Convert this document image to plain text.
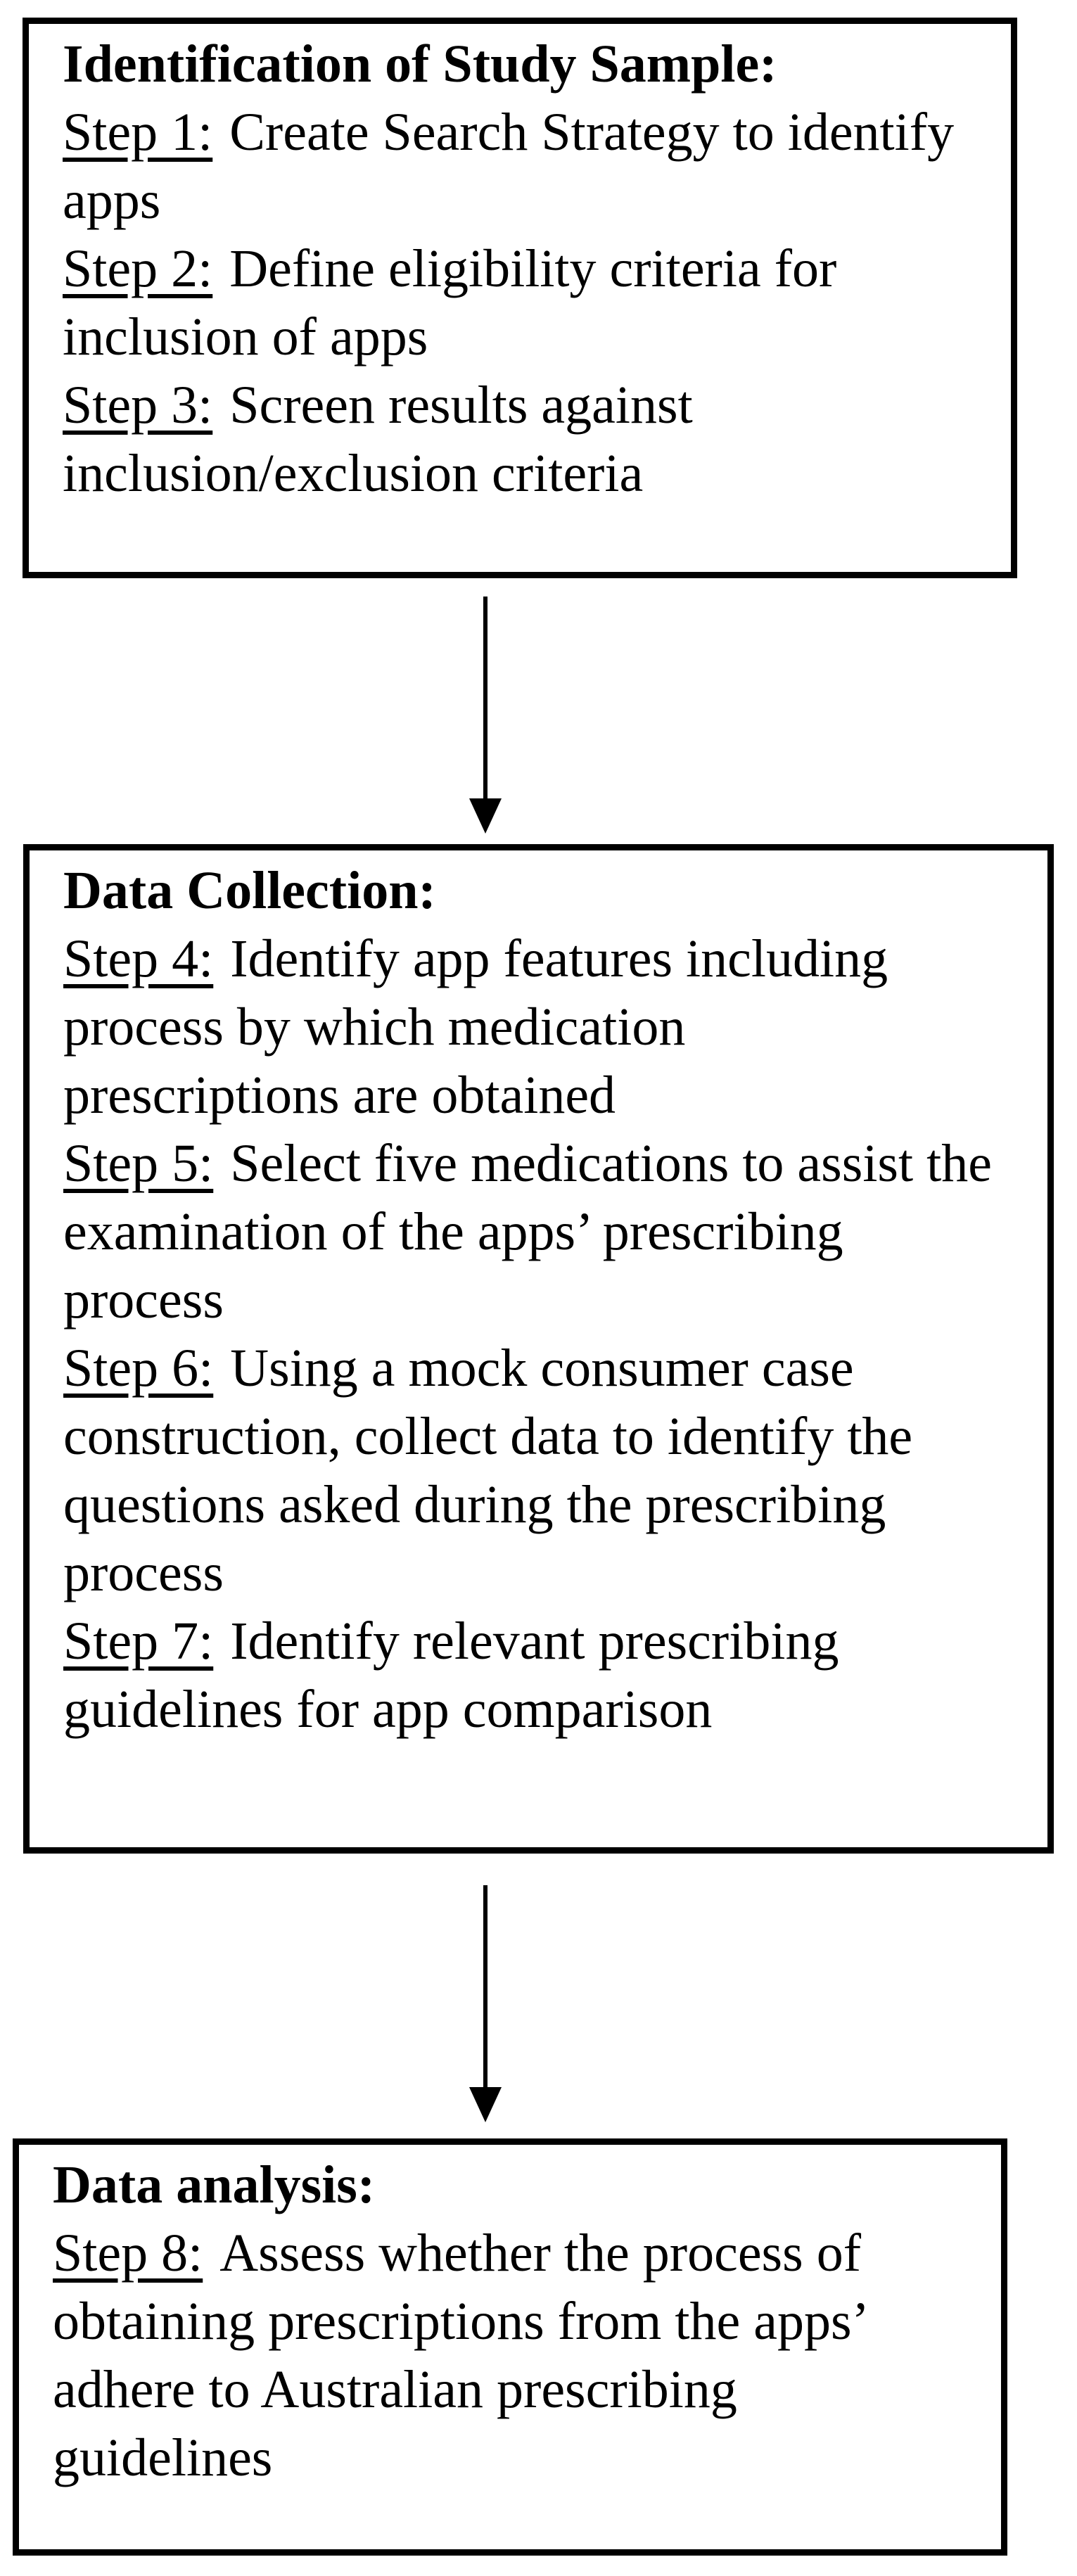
Identification of Study Sample:

Step 1: Create Search Strategy to identify
apps

Step 2: Define eligibility criteria for
inclusion of apps

Step 3: Screen results against
inclusion/exclusion criteria

Data Collection:

Step 4: Identify app features including
process by which medication
prescriptions are obtained

Step 5: Select five medications to assist the
examination of the apps’ prescribing
process

Step 6: Using a mock consumer case
construction, collect data to identify the
questions asked during the prescribing
process

Step 7: Identify relevant prescribing
guidelines for app comparison

Data analysis:

Step 8: Assess whether the process of
obtaining prescriptions from the apps’
adhere to Australian prescribing
guidelines
